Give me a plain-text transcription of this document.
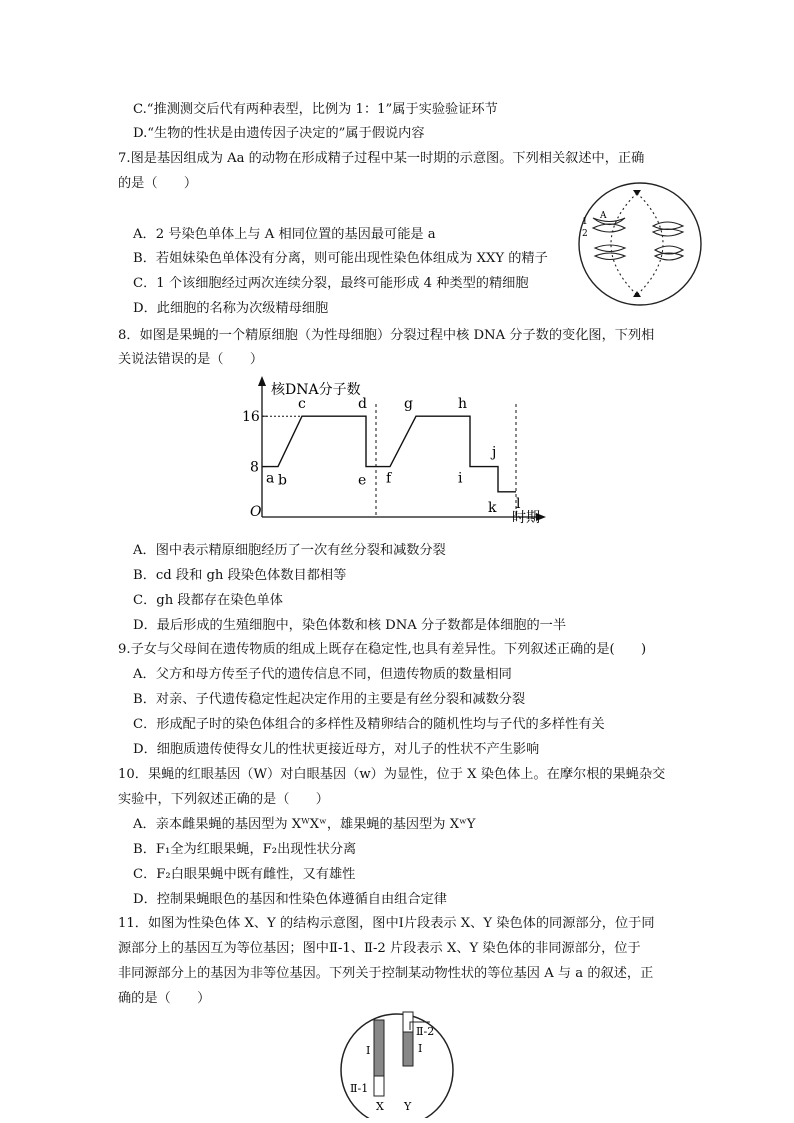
C.“推测测交后代有两种表型，比例为 1：1”属于实验验证环节
D.“生物的性状是由遗传因子决定的”属于假说内容
7.图是基因组成为 Aa 的动物在形成精子过程中某一时期的示意图。下列相关叙述中，正确
的是（　　）
A．2 号染色单体上与 A 相同位置的基因最可能是 a
B．若姐妹染色单体没有分离，则可能出现性染色体组成为 XXY 的精子
C．1 个该细胞经过两次连续分裂，最终可能形成 4 种类型的精细胞
D．此细胞的名称为次级精母细胞
1
2
A
8．如图是果蝇的一个精原细胞（为性母细胞）分裂过程中核 DNA 分子数的变化图，下列相
关说法错误的是（　　）
核DNA分子数
时期
O
8
16
a b
c	d
e f
g	h
i
j
k l
A．图中表示精原细胞经历了一次有丝分裂和减数分裂
B．cd 段和 gh 段染色体数目都相等
C．gh 段都存在染色单体
D．最后形成的生殖细胞中，染色体数和核 DNA 分子数都是体细胞的一半
9.子女与父母间在遗传物质的组成上既存在稳定性,也具有差异性。下列叙述正确的是(　　)
A．父方和母方传至子代的遗传信息不同，但遗传物质的数量相同
B．对亲、子代遗传稳定性起决定作用的主要是有丝分裂和减数分裂
C．形成配子时的染色体组合的多样性及精卵结合的随机性均与子代的多样性有关
D．细胞质遗传使得女儿的性状更接近母方，对儿子的性状不产生影响
10．果蝇的红眼基因（W）对白眼基因（w）为显性，位于 X 染色体上。在摩尔根的果蝇杂交
实验中，下列叙述正确的是（　　）
A．亲本雌果蝇的基因型为 XᵂXʷ，雄果蝇的基因型为 XʷY
B．F₁全为红眼果蝇，F₂出现性状分离
C．F₂白眼果蝇中既有雌性，又有雄性
D．控制果蝇眼色的基因和性染色体遵循自由组合定律
11．如图为性染色体 X、Y 的结构示意图，图中Ⅰ片段表示 X、Y 染色体的同源部分，位于同
源部分上的基因互为等位基因；图中Ⅱ-1、Ⅱ-2 片段表示 X、Y 染色体的非同源部分，位于
非同源部分上的基因为非等位基因。下列关于控制某动物性状的等位基因 A 与 a 的叙述，正
确的是（　　）
Ⅰ
Ⅱ-1
Ⅰ
Ⅱ-2
X Y
